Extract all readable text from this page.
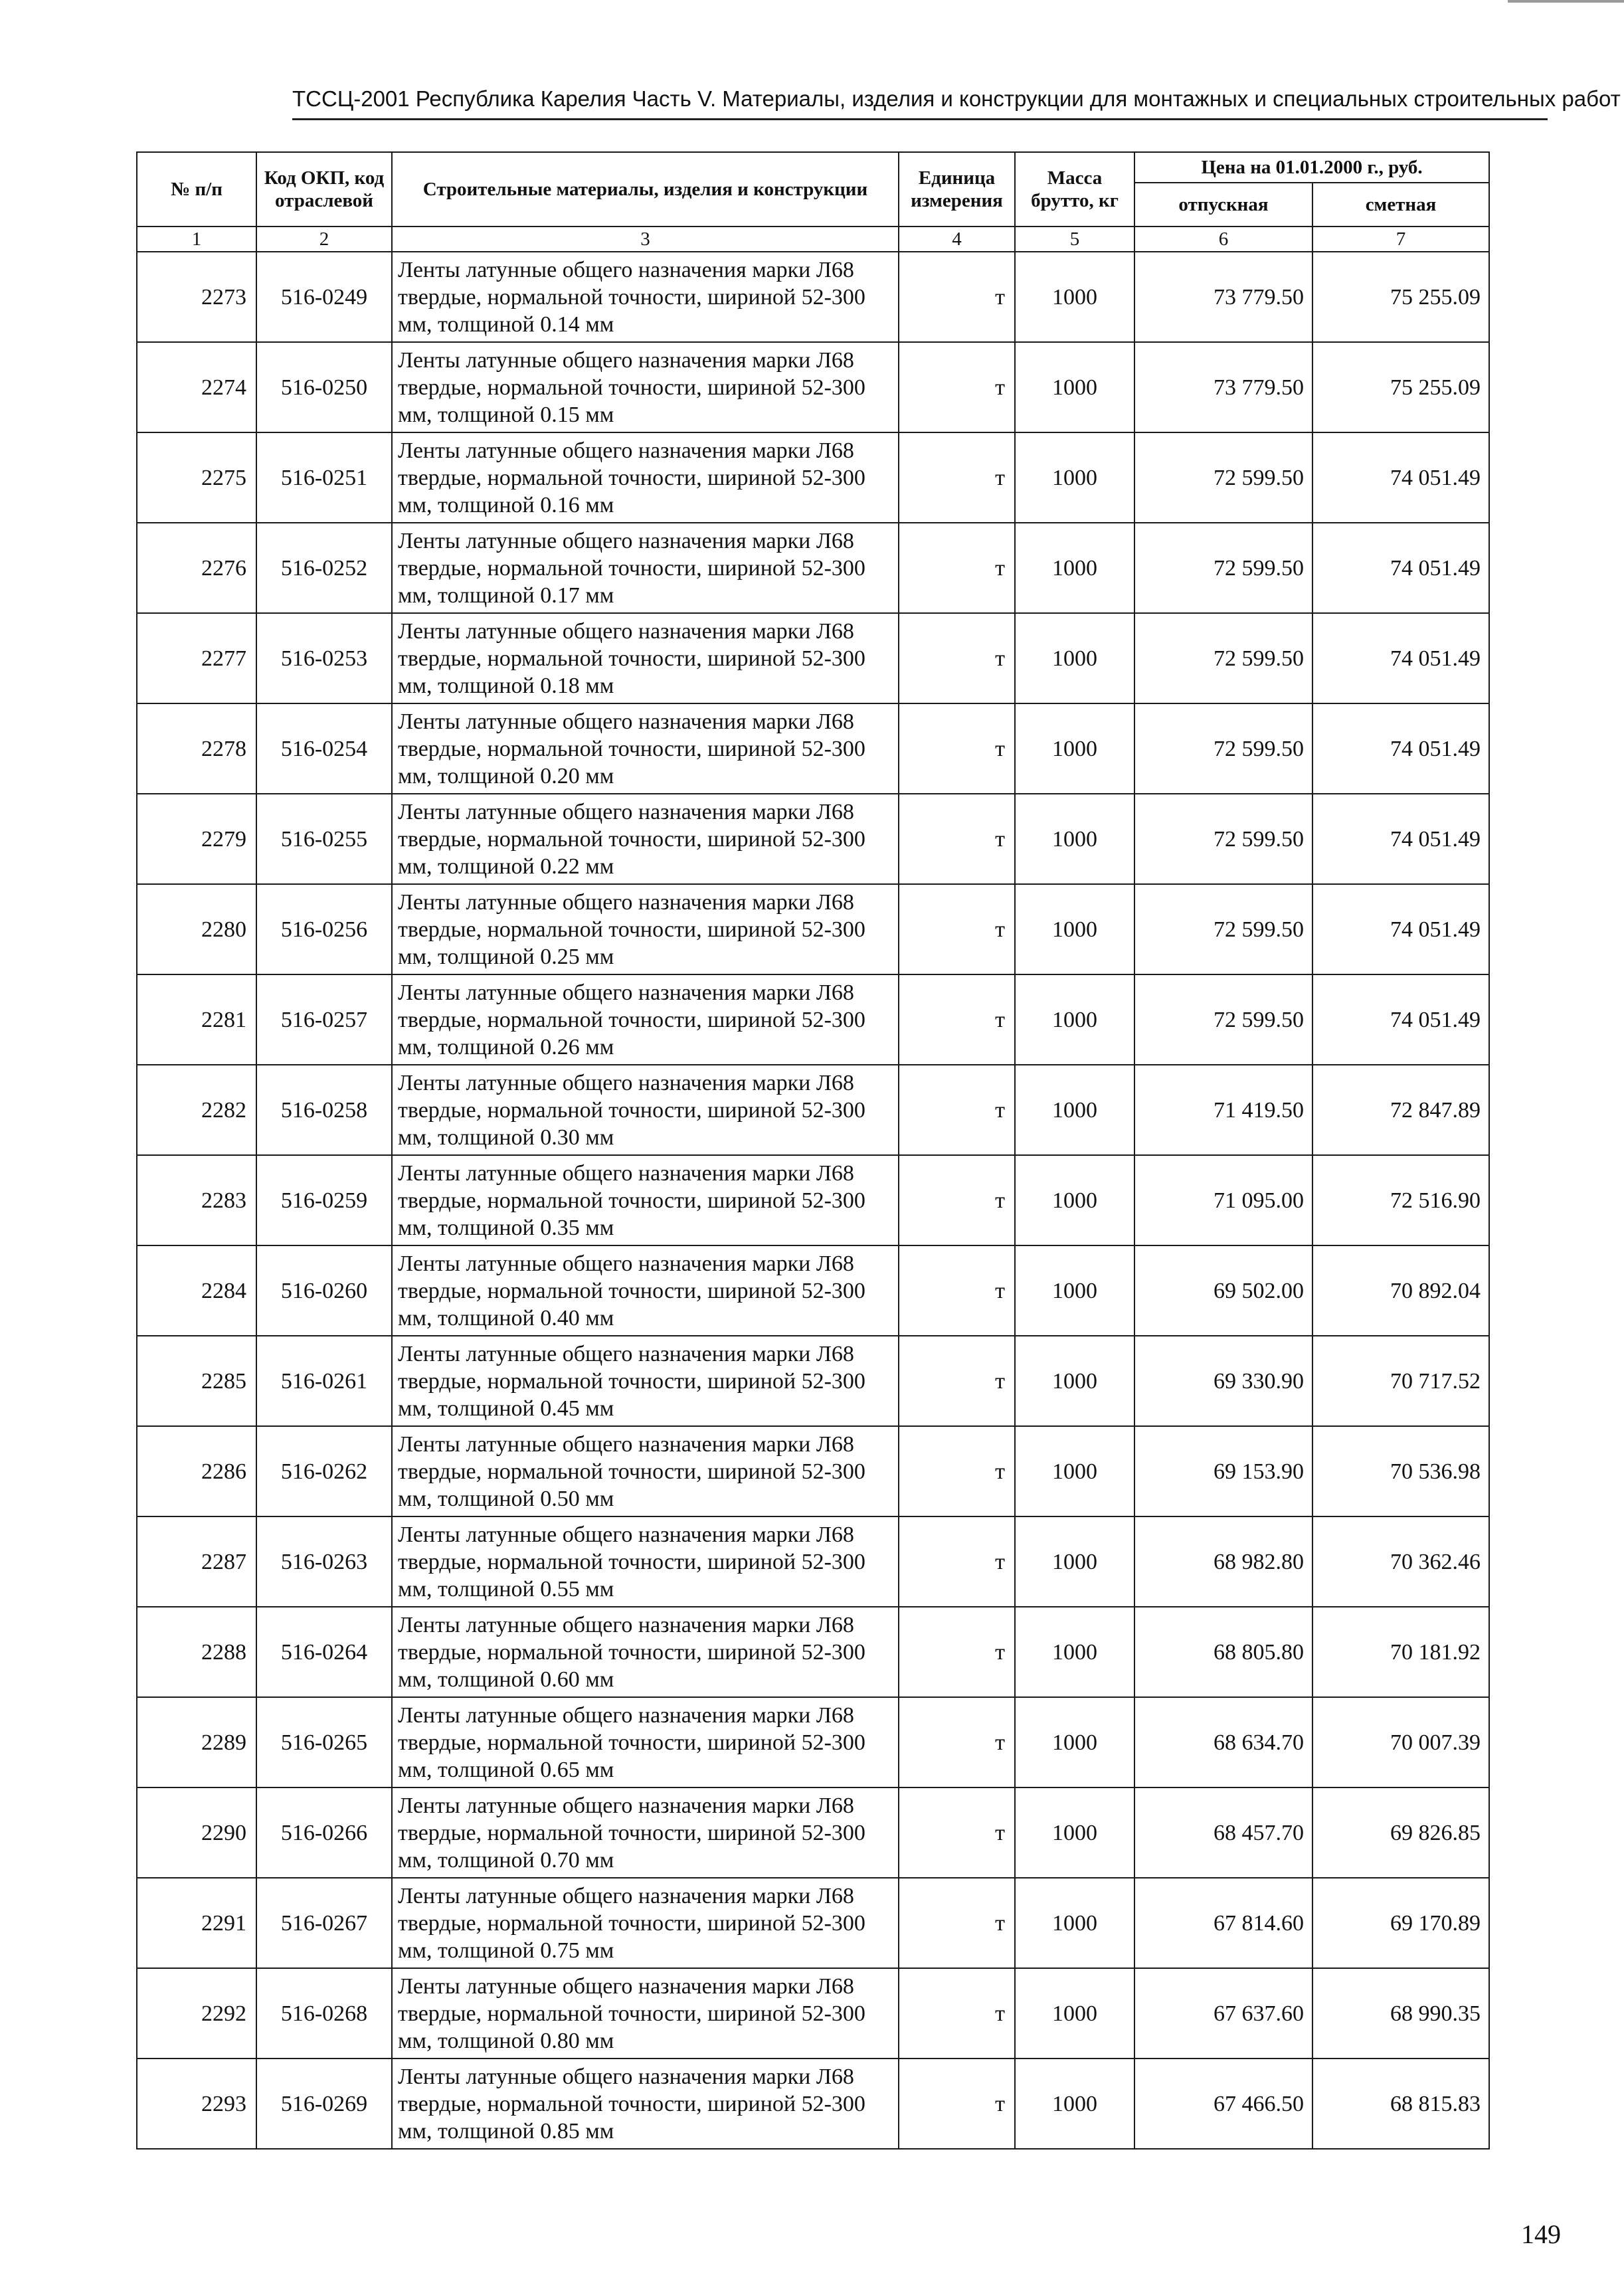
ТССЦ-2001 Республика Карелия Часть V. Материалы, изделия и конструкции для монтажных и специальных строительных работ
№ п/п	Код ОКП, код отраслевой	Строительные материалы, изделия и конструкции	Единица измерения	Масса брутто, кг	Цена на 01.01.2000 г., руб.	
					отпускная	сметная
1	2	3	4	5	6	7
2273	516-0249	Ленты латунные общего назначения марки Л68 твердые, нормальной точности, шириной 52-300 мм, толщиной 0.14 мм	т	1000	73 779.50	75 255.09
2274	516-0250	Ленты латунные общего назначения марки Л68 твердые, нормальной точности, шириной 52-300 мм, толщиной 0.15 мм	т	1000	73 779.50	75 255.09
2275	516-0251	Ленты латунные общего назначения марки Л68 твердые, нормальной точности, шириной 52-300 мм, толщиной 0.16 мм	т	1000	72 599.50	74 051.49
2276	516-0252	Ленты латунные общего назначения марки Л68 твердые, нормальной точности, шириной 52-300 мм, толщиной 0.17 мм	т	1000	72 599.50	74 051.49
2277	516-0253	Ленты латунные общего назначения марки Л68 твердые, нормальной точности, шириной 52-300 мм, толщиной 0.18 мм	т	1000	72 599.50	74 051.49
2278	516-0254	Ленты латунные общего назначения марки Л68 твердые, нормальной точности, шириной 52-300 мм, толщиной 0.20 мм	т	1000	72 599.50	74 051.49
2279	516-0255	Ленты латунные общего назначения марки Л68 твердые, нормальной точности, шириной 52-300 мм, толщиной 0.22 мм	т	1000	72 599.50	74 051.49
2280	516-0256	Ленты латунные общего назначения марки Л68 твердые, нормальной точности, шириной 52-300 мм, толщиной 0.25 мм	т	1000	72 599.50	74 051.49
2281	516-0257	Ленты латунные общего назначения марки Л68 твердые, нормальной точности, шириной 52-300 мм, толщиной 0.26 мм	т	1000	72 599.50	74 051.49
2282	516-0258	Ленты латунные общего назначения марки Л68 твердые, нормальной точности, шириной 52-300 мм, толщиной 0.30 мм	т	1000	71 419.50	72 847.89
2283	516-0259	Ленты латунные общего назначения марки Л68 твердые, нормальной точности, шириной 52-300 мм, толщиной 0.35 мм	т	1000	71 095.00	72 516.90
2284	516-0260	Ленты латунные общего назначения марки Л68 твердые, нормальной точности, шириной 52-300 мм, толщиной 0.40 мм	т	1000	69 502.00	70 892.04
2285	516-0261	Ленты латунные общего назначения марки Л68 твердые, нормальной точности, шириной 52-300 мм, толщиной 0.45 мм	т	1000	69 330.90	70 717.52
2286	516-0262	Ленты латунные общего назначения марки Л68 твердые, нормальной точности, шириной 52-300 мм, толщиной 0.50 мм	т	1000	69 153.90	70 536.98
2287	516-0263	Ленты латунные общего назначения марки Л68 твердые, нормальной точности, шириной 52-300 мм, толщиной 0.55 мм	т	1000	68 982.80	70 362.46
2288	516-0264	Ленты латунные общего назначения марки Л68 твердые, нормальной точности, шириной 52-300 мм, толщиной 0.60 мм	т	1000	68 805.80	70 181.92
2289	516-0265	Ленты латунные общего назначения марки Л68 твердые, нормальной точности, шириной 52-300 мм, толщиной 0.65 мм	т	1000	68 634.70	70 007.39
2290	516-0266	Ленты латунные общего назначения марки Л68 твердые, нормальной точности, шириной 52-300 мм, толщиной 0.70 мм	т	1000	68 457.70	69 826.85
2291	516-0267	Ленты латунные общего назначения марки Л68 твердые, нормальной точности, шириной 52-300 мм, толщиной 0.75 мм	т	1000	67 814.60	69 170.89
2292	516-0268	Ленты латунные общего назначения марки Л68 твердые, нормальной точности, шириной 52-300 мм, толщиной 0.80 мм	т	1000	67 637.60	68 990.35
2293	516-0269	Ленты латунные общего назначения марки Л68 твердые, нормальной точности, шириной 52-300 мм, толщиной 0.85 мм	т	1000	67 466.50	68 815.83
149
